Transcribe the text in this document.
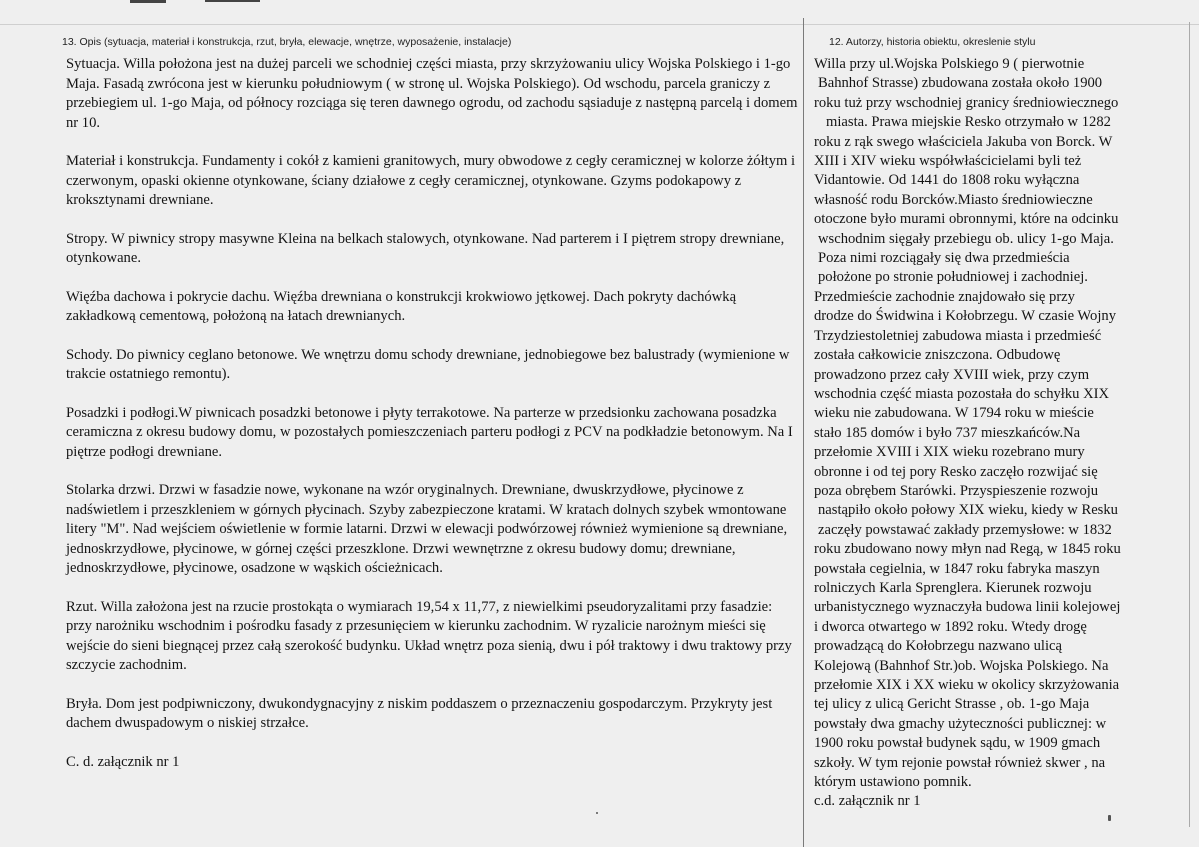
13. Opis (sytuacja, materiał i konstrukcja, rzut, bryła, elewacje, wnętrze, wyposażenie, instalacje)

Sytuacja. Willa położona jest na dużej parceli we schodniej części miasta, przy skrzyżowaniu ulicy Wojska Polskiego i 1-go Maja. Fasadą zwrócona jest w kierunku południowym ( w stronę ul. Wojska Polskiego). Od wschodu, parcela graniczy z przebiegiem ul. 1-go Maja, od północy rozciąga się teren dawnego ogrodu, od zachodu sąsiaduje z następną parcelą i domem nr 10.

Materiał i konstrukcja. Fundamenty i cokół z kamieni granitowych, mury obwodowe z cegły ceramicznej w kolorze żółtym i czerwonym, opaski okienne otynkowane, ściany działowe z cegły ceramicznej, otynkowane. Gzyms podokapowy z kroksztynami drewniane.

Stropy. W piwnicy stropy masywne Kleina na belkach stalowych, otynkowane. Nad parterem i I piętrem stropy drewniane, otynkowane.

Więźba dachowa i pokrycie dachu. Więźba drewniana o konstrukcji krokwiowo jętkowej. Dach pokryty dachówką zakładkową cementową, położoną na łatach drewnianych.

Schody. Do piwnicy ceglano betonowe. We wnętrzu domu schody drewniane, jednobiegowe bez balustrady (wymienione w trakcie ostatniego remontu).

Posadzki i podłogi.W piwnicach posadzki betonowe i płyty terrakotowe. Na parterze w przedsionku zachowana posadzka ceramiczna z okresu budowy domu, w pozostałych pomieszczeniach parteru podłogi z PCV na podkładzie betonowym. Na I piętrze podłogi drewniane.

Stolarka drzwi. Drzwi w fasadzie nowe, wykonane na wzór oryginalnych. Drewniane, dwuskrzydłowe, płycinowe z nadświetlem i przeszkleniem w górnych płycinach. Szyby zabezpieczone kratami. W kratach dolnych szybek wmontowane litery "M". Nad wejściem oświetlenie w formie latarni. Drzwi w elewacji podwórzowej również wymienione są drewniane, jednoskrzydłowe, płycinowe, w górnej części przeszklone. Drzwi wewnętrzne z okresu budowy domu; drewniane, jednoskrzydłowe, płycinowe, osadzone w wąskich ościeżnicach.

Rzut. Willa założona jest na rzucie prostokąta o wymiarach 19,54 x 11,77, z niewielkimi pseudoryzalitami przy fasadzie: przy narożniku wschodnim i pośrodku fasady z przesunięciem w kierunku zachodnim. W ryzalicie narożnym mieści się wejście do sieni biegnącej przez całą szerokość budynku. Układ wnętrz poza sienią, dwu i pół traktowy i dwu traktowy przy szczycie zachodnim.

Bryła. Dom jest podpiwniczony, dwukondygnacyjny z niskim poddaszem o przeznaczeniu gospodarczym. Przykryty jest dachem dwuspadowym o niskiej strzałce.

C. d. załącznik nr 1

12. Autorzy, historia obiektu, okreslenie stylu
Willa przy ul.Wojska Polskiego 9 ( pierwotnie
Bahnhof Strasse) zbudowana została około 1900
roku tuż przy wschodniej granicy średniowiecznego
miasta. Prawa miejskie Resko otrzymało w 1282
roku z rąk swego właściciela Jakuba von Borck. W
XIII i XIV wieku współwłaścicielami byli też
Vidantowie. Od 1441 do 1808 roku wyłączna
własność rodu Borcków.Miasto średniowieczne
otoczone było murami obronnymi, które na odcinku
wschodnim sięgały przebiegu ob. ulicy 1-go Maja.
Poza nimi rozciągały się dwa przedmieścia
położone po stronie południowej i zachodniej.
Przedmieście zachodnie znajdowało się przy
drodze do Świdwina i Kołobrzegu. W czasie Wojny
Trzydziestoletniej zabudowa miasta i przedmieść
została całkowicie zniszczona. Odbudowę
prowadzono przez cały XVIII wiek, przy czym
wschodnia część miasta pozostała do schyłku XIX
wieku nie zabudowana. W 1794 roku w mieście
stało 185 domów i było 737 mieszkańców.Na
przełomie XVIII i XIX wieku rozebrano mury
obronne i od tej pory Resko zaczęło rozwijać się
poza obrębem Starówki. Przyspieszenie rozwoju
nastąpiło około połowy XIX wieku, kiedy w Resku
zaczęły powstawać zakłady przemysłowe: w 1832
roku zbudowano nowy młyn nad Regą, w 1845 roku
powstała cegielnia, w 1847 roku fabryka maszyn
rolniczych Karla Sprenglera. Kierunek rozwoju
urbanistycznego wyznaczyła budowa linii kolejowej
i dworca otwartego w 1892 roku. Wtedy drogę
prowadzącą do Kołobrzegu nazwano ulicą
Kolejową (Bahnhof Str.)ob. Wojska Polskiego. Na
przełomie XIX i XX wieku w okolicy skrzyżowania
tej ulicy z ulicą Gericht Strasse , ob. 1-go Maja
powstały dwa gmachy użyteczności publicznej: w
1900 roku powstał budynek sądu, w 1909 gmach
szkoły. W tym rejonie powstał również skwer , na
którym ustawiono pomnik.
c.d. załącznik nr 1
